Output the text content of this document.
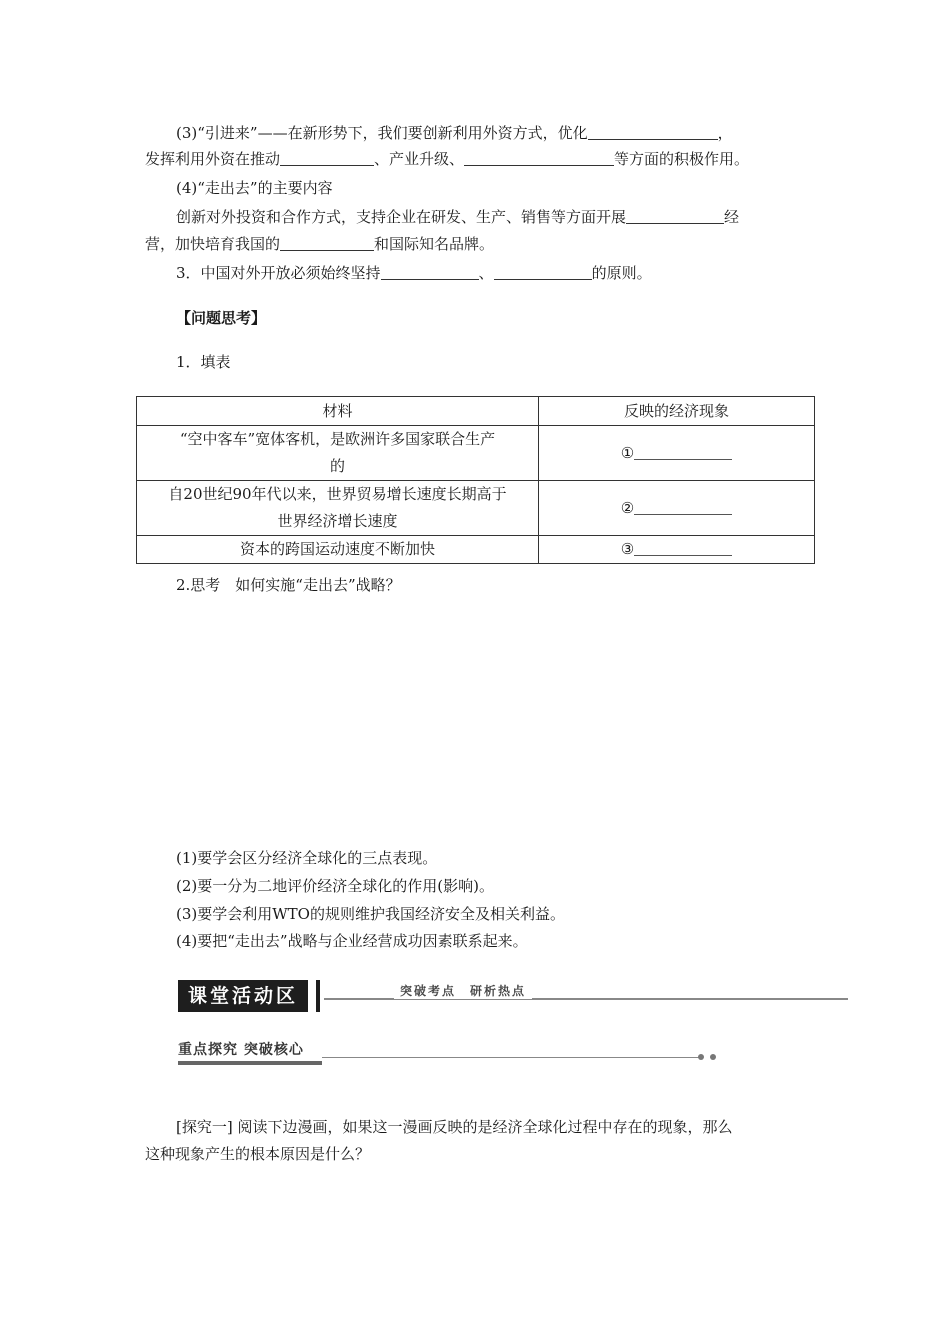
(3)“引进来”——在新形势下，我们要创新利用外资方式，优化	，
发挥利用外资在推动	、产业升级、	等方面的积极作用。
(4)“走出去”的主要内容
创新对外投资和合作方式，支持企业在研发、生产、销售等方面开展	经
营，加快培育我国的	和国际知名品牌。
3．中国对外开放必须始终坚持	、	的原则。
【问题思考】
1．填表
材料	反映的经济现象

“空中客车”宽体客机，是欧洲许多国家联合生产
的	①

自20世纪90年代以来，世界贸易增长速度长期高于
世界经济增长速度	②

资本的跨国运动速度不断加快	③
2.思考　如何实施“走出去”战略？
(1)要学会区分经济全球化的三点表现。
(2)要一分为二地评价经济全球化的作用(影响)。
(3)要学会利用WTO的规则维护我国经济安全及相关利益。
(4)要把“走出去”战略与企业经营成功因素联系起来。
课堂活动区	突破考点　研析热点
重点探究 突破核心
[探究一] 阅读下边漫画，如果这一漫画反映的是经济全球化过程中存在的现象，那么
这种现象产生的根本原因是什么？
